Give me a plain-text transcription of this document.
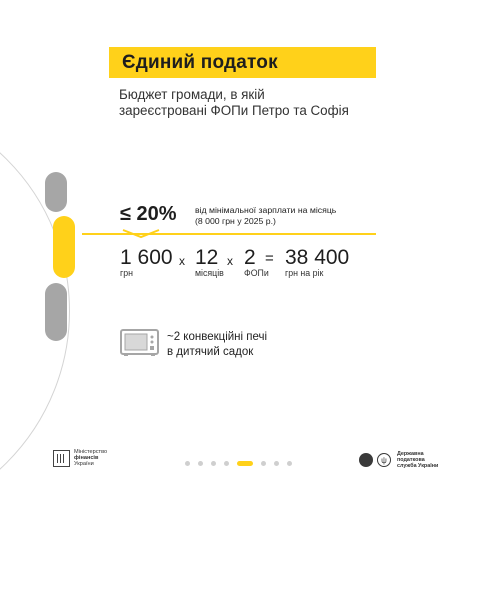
Єдиний податок
Бюджет громади, в якій
зареєстровані ФОПи Петро та Софія
≤ 20% від мінімальної зарплати на місяць
(8 000 грн у 2025 р.)
1 600
грн
x 12
місяців
x 2
ФОПи
= 38 400
грн на рік
~2 конвекційні печі
в дитячий садок
Міністерство
фінансів
України	ψ
Державна
податкова
служба України
